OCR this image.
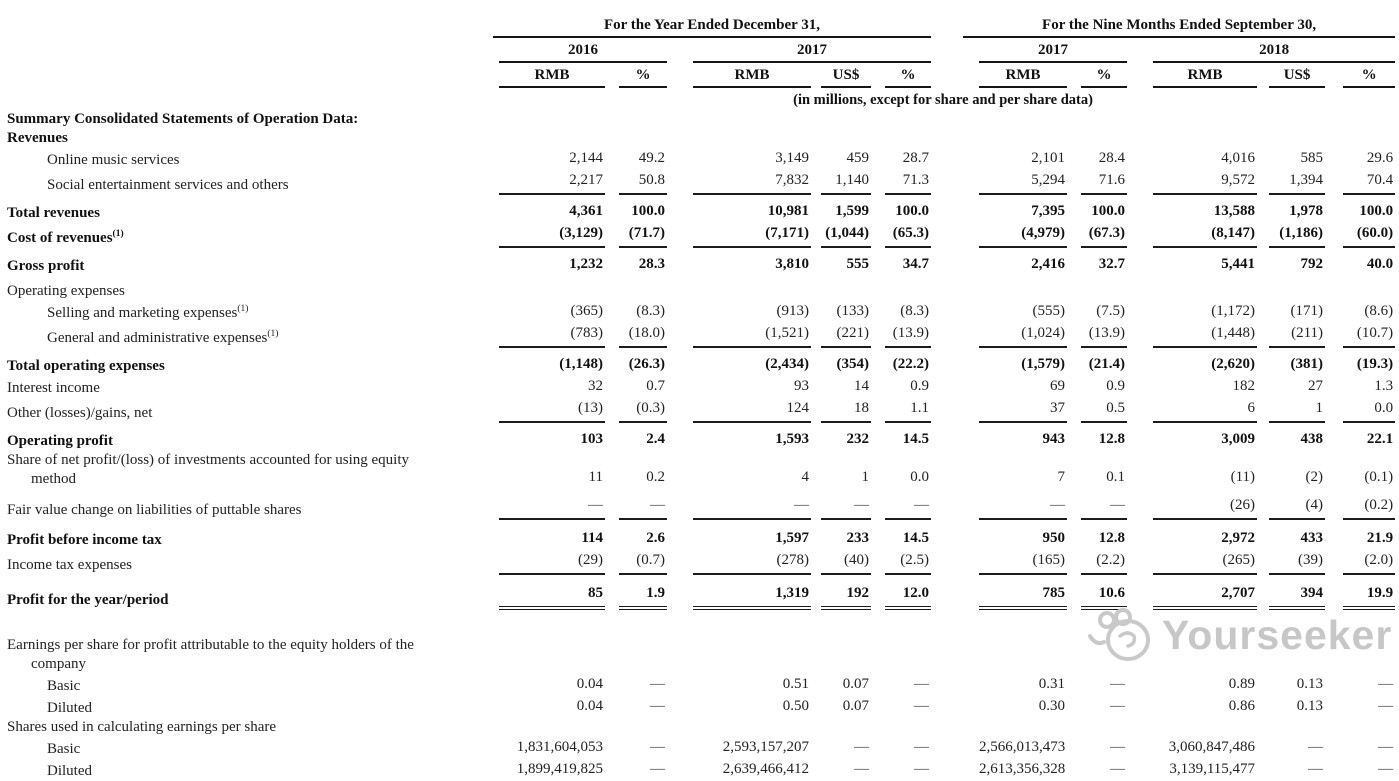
	For the Year Ended December 31,						For the Nine Months Ended September 30,				

	2016		2017				2017		2018		

	RMB	%	RMB	US$	%		RMB	%	RMB	US$	%

	(in millions, except for share and per share data)										

Summary Consolidated Statements of Operation Data:											

Revenues											

Online music services	2,144	49.2	3,149	459	28.7		2,101	28.4	4,016	585	29.6

Social entertainment services and others	2,217	50.8	7,832	1,140	71.3		5,294	71.6	9,572	1,394	70.4

Total revenues	4,361	100.0	10,981	1,599	100.0		7,395	100.0	13,588	1,978	100.0

Cost of revenues$^{(1)}$	(3,129)	(71.7)	(7,171)	(1,044)	(65.3)		(4,979)	(67.3)	(8,147)	(1,186)	(60.0)

Gross profit	1,232	28.3	3,810	555	34.7		2,416	32.7	5,441	792	40.0

Operating expenses											

Selling and marketing expenses$^{(1)}$	(365)	(8.3)	(913)	(133)	(8.3)		(555)	(7.5)	(1,172)	(171)	(8.6)

General and administrative expenses$^{(1)}$	(783)	(18.0)	(1,521)	(221)	(13.9)		(1,024)	(13.9)	(1,448)	(211)	(10.7)

Total operating expenses	(1,148)	(26.3)	(2,434)	(354)	(22.2)		(1,579)	(21.4)	(2,620)	(381)	(19.3)

Interest income	32	0.7	93	14	0.9		69	0.9	182	27	1.3

Other (losses)/gains, net	(13)	(0.3)	124	18	1.1		37	0.5	6	1	0.0

Operating profit	103	2.4	1,593	232	14.5		943	12.8	3,009	438	22.1

Share of net profit/(loss) of investments accounted for using equity
method	11	0.2	4	1	0.0		7	0.1	(11)	(2)	(0.1)

Fair value change on liabilities of puttable shares	—	—	—	—	—		—	—	(26)	(4)	(0.2)

Profit before income tax	114	2.6	1,597	233	14.5		950	12.8	2,972	433	21.9

Income tax expenses	(29)	(0.7)	(278)	(40)	(2.5)		(165)	(2.2)	(265)	(39)	(2.0)

Profit for the year/period	85	1.9	1,319	192	12.0		785	10.6	2,707	394	19.9

Earnings per share for profit attributable to the equity holders of the
company											

Basic	0.04	—	0.51	0.07	—		0.31	—	0.89	0.13	—

Diluted	0.04	—	0.50	0.07	—		0.30	—	0.86	0.13	—

Shares used in calculating earnings per share											

Basic	1,831,604,053	—	2,593,157,207	—	—		2,566,013,473	—	3,060,847,486	—	—

Diluted	1,899,419,825	—	2,639,466,412	—	—		2,613,356,328	—	3,139,115,477	—	—
Yourseeker
